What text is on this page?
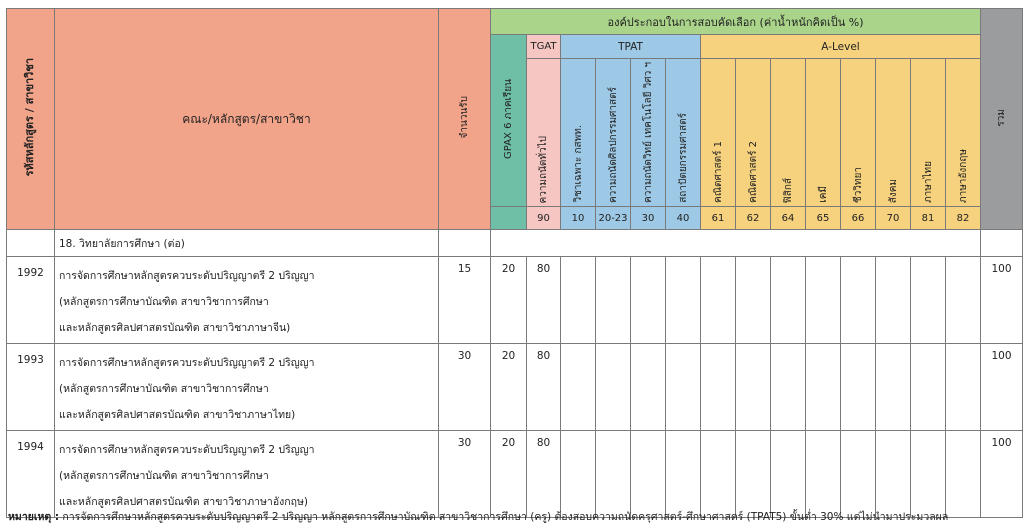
รหัสหลักสูตร / สาขาวิชา	คณะ/หลักสูตร/สาขาวิชา	จำนวนรับ	องค์ประกอบในการสอบคัดเลือก (ค่าน้ำหนักคิดเป็น %)														รวม

			GPAX 6 ภาคเรียน	TGAT	TPAT				A-Level								

				ความถนัดทั่วไป	วิชาเฉพาะ กสพท.	ความถนัดศิลปกรรมศาสตร์	ความถนัดวิทย์ เทคโนโลยี วิศว ฯ	สถาปัตยกรรมศาสตร์	คณิตศาสตร์ 1	คณิตศาสตร์ 2	ฟิสิกส์	เคมี	ชีววิทยา	สังคม	ภาษาไทย	ภาษาอังกฤษ	

				90	10	20-23	30	40	61	62	64	65	66	70	81	82	
	18. วิทยาลัยการศึกษา (ต่อ)																
1992	การจัดการศึกษาหลักสูตรควบระดับปริญญาตรี 2 ปริญญา
(หลักสูตรการศึกษาบัณฑิต สาขาวิชาการศึกษา
และหลักสูตรศิลปศาสตรบัณฑิต สาขาวิชาภาษาจีน)	15	20	80													100
1993	การจัดการศึกษาหลักสูตรควบระดับปริญญาตรี 2 ปริญญา
(หลักสูตรการศึกษาบัณฑิต สาขาวิชาการศึกษา
และหลักสูตรศิลปศาสตรบัณฑิต สาขาวิชาภาษาไทย)	30	20	80													100
1994	การจัดการศึกษาหลักสูตรควบระดับปริญญาตรี 2 ปริญญา
(หลักสูตรการศึกษาบัณฑิต สาขาวิชาการศึกษา
และหลักสูตรศิลปศาสตรบัณฑิต สาขาวิชาภาษาอังกฤษ)	30	20	80													100
หมายเหตุ : การจัดการศึกษาหลักสูตรควบระดับปริญญาตรี 2 ปริญญา หลักสูตรการศึกษาบัณฑิต สาขาวิชาการศึกษา (ครู) ต้องสอบความถนัดครุศาสตร์-ศึกษาศาสตร์ (TPAT5) ขั้นต่ำ 30% แต่ไม่นำมาประมวลผล
